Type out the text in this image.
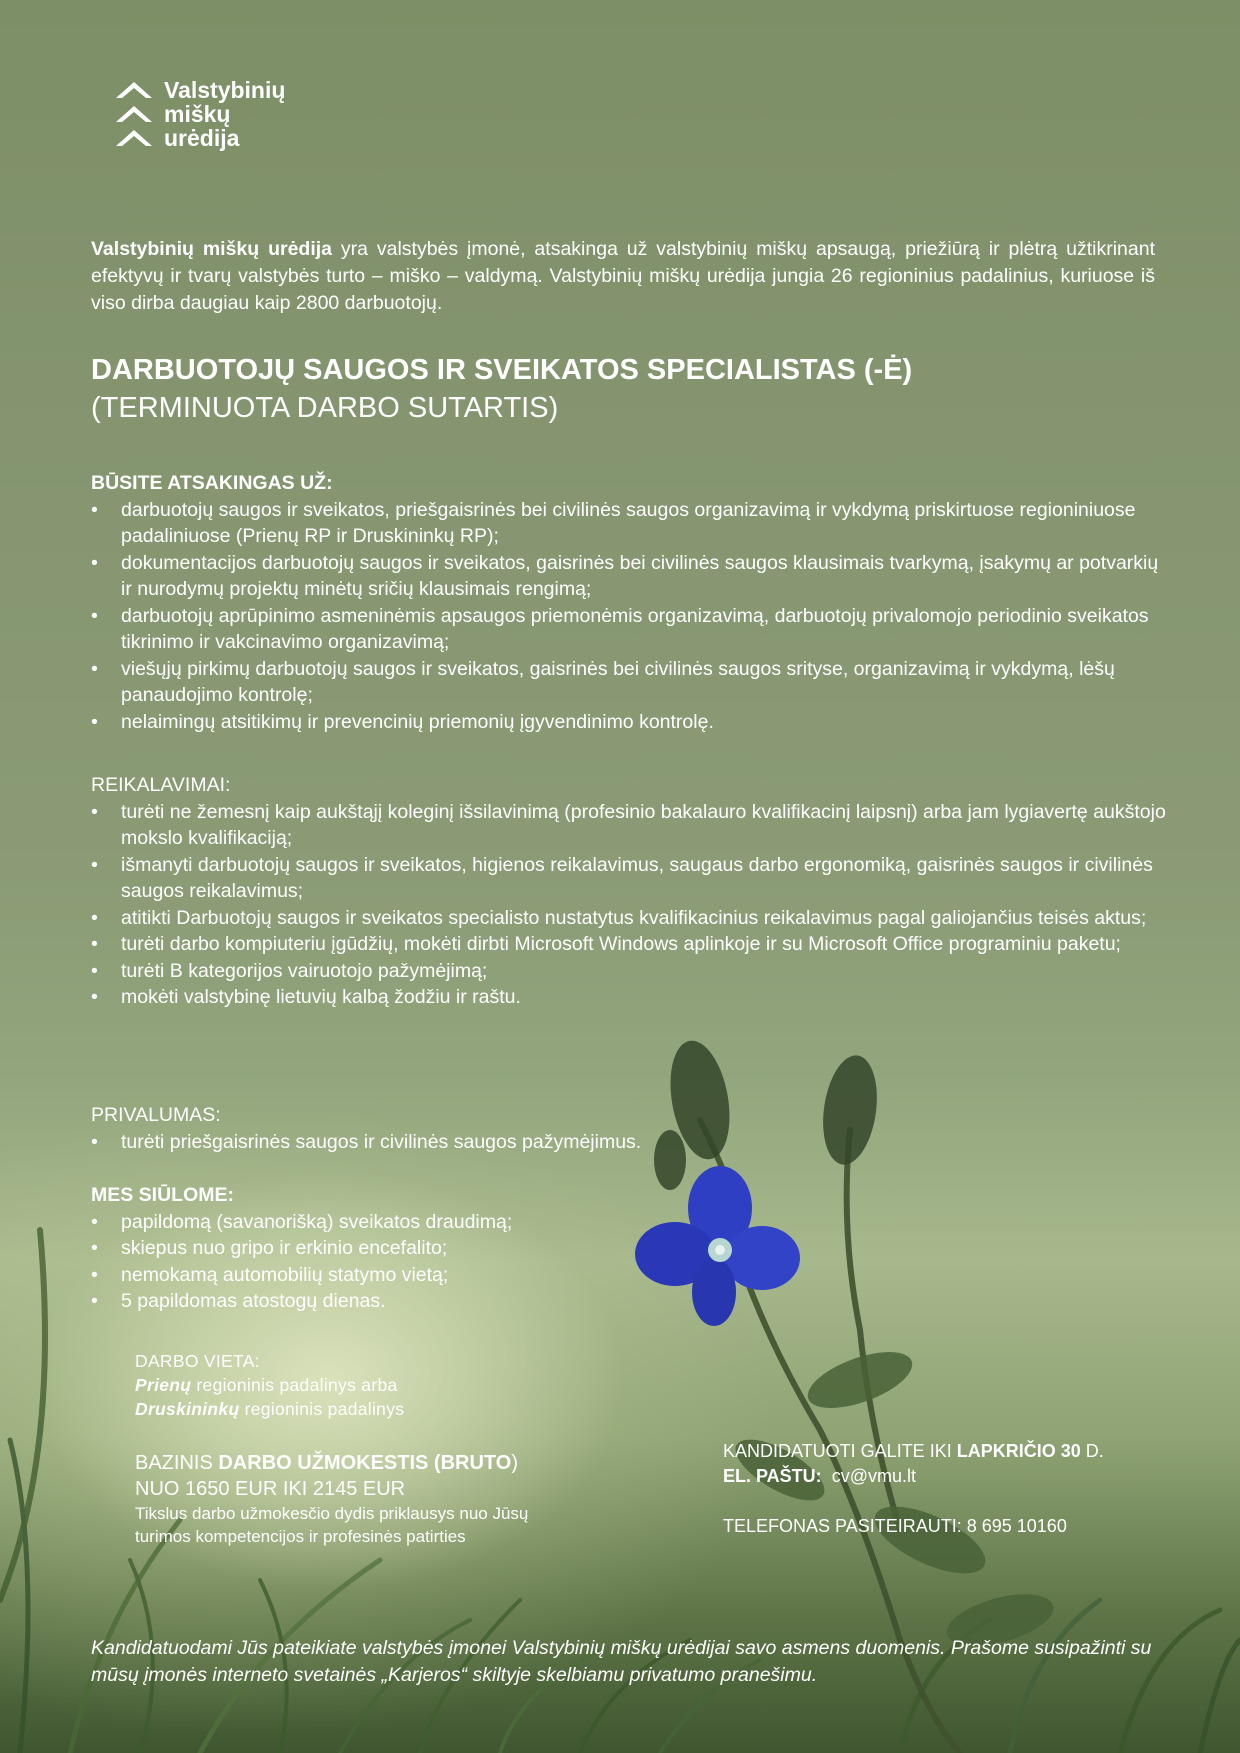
Valstybinių
miškų
urėdija
Valstybinių miškų urėdija yra valstybės įmonė, atsakinga už valstybinių miškų apsaugą, priežiūrą ir plėtrą užtikrinant efektyvų ir tvarų valstybės turto – miško – valdymą. Valstybinių miškų urėdija jungia 26 regioninius padalinius, kuriuose iš viso dirba daugiau kaip 2800 darbuotojų.
DARBUOTOJŲ SAUGOS IR SVEIKATOS SPECIALISTAS (-Ė)
(TERMINUOTA DARBO SUTARTIS)
BŪSITE ATSAKINGAS UŽ:
• darbuotojų saugos ir sveikatos, priešgaisrinės bei civilinės saugos organizavimą ir vykdymą priskirtuose regioniniuose padaliniuose (Prienų RP ir Druskininkų RP);
• dokumentacijos darbuotojų saugos ir sveikatos, gaisrinės bei civilinės saugos klausimais tvarkymą, įsakymų ar potvarkių ir nurodymų projektų minėtų sričių klausimais rengimą;
• darbuotojų aprūpinimo asmeninėmis apsaugos priemonėmis organizavimą, darbuotojų privalomojo periodinio sveikatos tikrinimo ir vakcinavimo organizavimą;
• viešųjų pirkimų darbuotojų saugos ir sveikatos, gaisrinės bei civilinės saugos srityse, organizavimą ir vykdymą, lėšų panaudojimo kontrolę;
• nelaimingų atsitikimų ir prevencinių priemonių įgyvendinimo kontrolę.
REIKALAVIMAI:
• turėti ne žemesnį kaip aukštąjį koleginį išsilavinimą (profesinio bakalauro kvalifikacinį laipsnį) arba jam lygiavertę aukštojo mokslo kvalifikaciją;
• išmanyti darbuotojų saugos ir sveikatos, higienos reikalavimus, saugaus darbo ergonomiką, gaisrinės saugos ir civilinės saugos reikalavimus;
• atitikti Darbuotojų saugos ir sveikatos specialisto nustatytus kvalifikacinius reikalavimus pagal galiojančius teisės aktus;
• turėti darbo kompiuteriu įgūdžių, mokėti dirbti Microsoft Windows aplinkoje ir su Microsoft Office programiniu paketu;
• turėti B kategorijos vairuotojo pažymėjimą;
• mokėti valstybinę lietuvių kalbą žodžiu ir raštu.
PRIVALUMAS:
• turėti priešgaisrinės saugos ir civilinės saugos pažymėjimus.
MES SIŪLOME:
• papildomą (savanorišką) sveikatos draudimą;
• skiepus nuo gripo ir erkinio encefalito;
• nemokamą automobilių statymo vietą;
• 5 papildomas atostogų dienas.
DARBO VIETA:
Prienų regioninis padalinys arba
Druskininkų regioninis padalinys
BAZINIS DARBO UŽMOKESTIS (BRUTO)
NUO 1650 EUR IKI 2145 EUR
Tikslus darbo užmokesčio dydis priklausys nuo Jūsų
turimos kompetencijos ir profesinės patirties
KANDIDATUOTI GALITE IKI LAPKRIČIO 30 D.
EL. PAŠTU: cv@vmu.lt
TELEFONAS PASITEIRAUTI: 8 695 10160
Kandidatuodami Jūs pateikiate valstybės įmonei Valstybinių miškų urėdijai savo asmens duomenis. Prašome susipažinti su mūsų įmonės interneto svetainės „Karjeros“ skiltyje skelbiamu privatumo pranešimu.
